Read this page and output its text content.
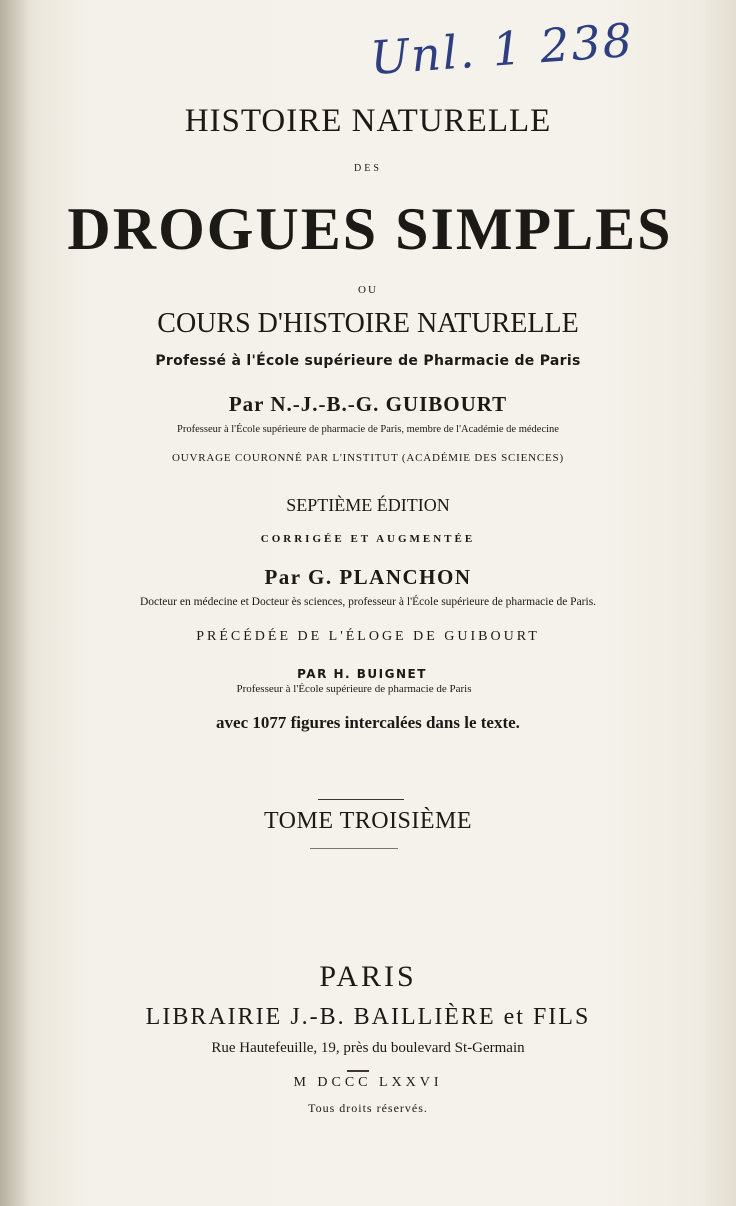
Unl. 1 238
HISTOIRE NATURELLE
DES
DROGUES SIMPLES
OU
COURS D'HISTOIRE NATURELLE
Professé à l'École supérieure de Pharmacie de Paris
Par N.-J.-B.-G. GUIBOURT
Professeur à l'École supérieure de pharmacie de Paris, membre de l'Académie de médecine
OUVRAGE COURONNÉ PAR L'INSTITUT (ACADÉMIE DES SCIENCES)
SEPTIÈME ÉDITION
CORRIGÉE ET AUGMENTÉE
Par G. PLANCHON
Docteur en médecine et Docteur ès sciences, professeur à l'École supérieure de pharmacie de Paris.
PRÉCÉDÉE DE L'ÉLOGE DE GUIBOURT
PAR H. BUIGNET
Professeur à l'École supérieure de pharmacie de Paris
avec 1077 figures intercalées dans le texte.
TOME TROISIÈME
PARIS
LIBRAIRIE J.-B. BAILLIÈRE et FILS
Rue Hautefeuille, 19, près du boulevard St-Germain
M DCCC LXXVI
Tous droits réservés.
